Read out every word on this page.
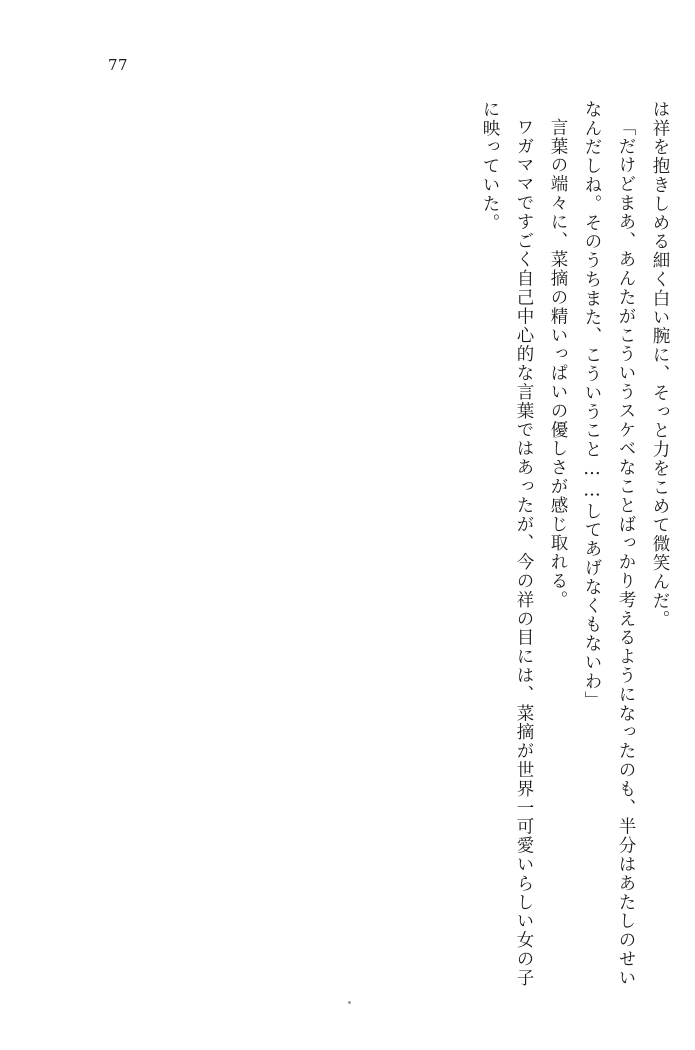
77

は祥を抱きしめる細く白い腕に、そっと力をこめて微笑んだ。

「だけどまあ、あんたがこういうスケベなことばっかり考えるようになったのも、半分はあたしのせいなんだしね。そのうちまた、こういうこと……してあげなくもないわ」

言葉の端々に、菜摘の精いっぱいの優しさが感じ取れる。

ワガママですごく自己中心的な言葉ではあったが、今の祥の目には、菜摘が世界一可愛いらしい女の子に映っていた。
